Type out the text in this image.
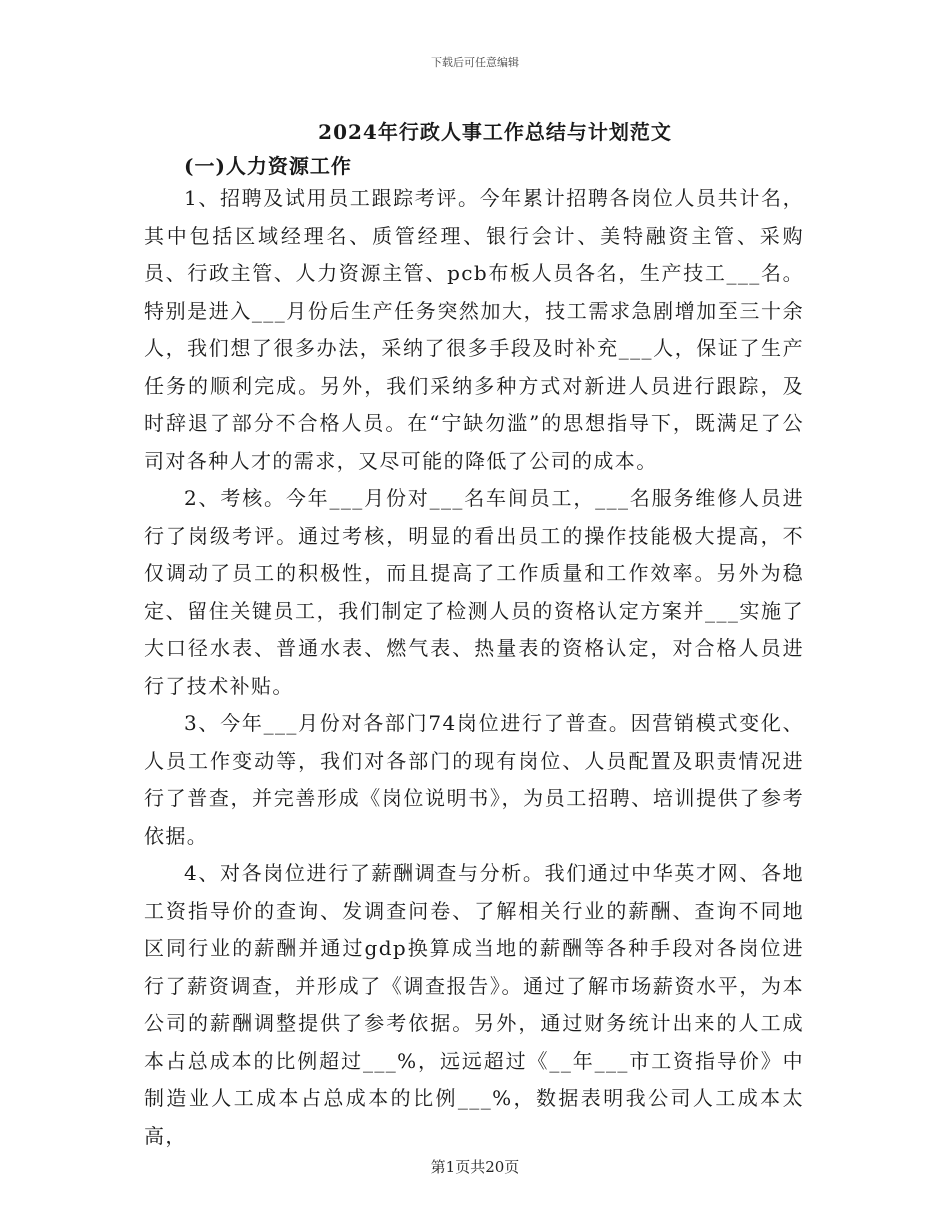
下载后可任意编辑
2024年行政人事工作总结与计划范文
(一)人力资源工作

1、招聘及试用员工跟踪考评。今年累计招聘各岗位人员共计名，其中包括区域经理名、质管经理、银行会计、美特融资主管、采购员、行政主管、人力资源主管、pcb布板人员各名，生产技工___名。特别是进入___月份后生产任务突然加大，技工需求急剧增加至三十余人，我们想了很多办法，采纳了很多手段及时补充___人，保证了生产任务的顺利完成。另外，我们采纳多种方式对新进人员进行跟踪，及时辞退了部分不合格人员。在“宁缺勿滥”的思想指导下，既满足了公司对各种人才的需求，又尽可能的降低了公司的成本。

2、考核。今年___月份对___名车间员工，___名服务维修人员进行了岗级考评。通过考核，明显的看出员工的操作技能极大提高，不仅调动了员工的积极性，而且提高了工作质量和工作效率。另外为稳定、留住关键员工，我们制定了检测人员的资格认定方案并___实施了大口径水表、普通水表、燃气表、热量表的资格认定，对合格人员进行了技术补贴。

3、今年___月份对各部门74岗位进行了普查。因营销模式变化、人员工作变动等，我们对各部门的现有岗位、人员配置及职责情况进行了普查，并完善形成《岗位说明书》，为员工招聘、培训提供了参考依据。

4、对各岗位进行了薪酬调查与分析。我们通过中华英才网、各地工资指导价的查询、发调查问卷、了解相关行业的薪酬、查询不同地区同行业的薪酬并通过gdp换算成当地的薪酬等各种手段对各岗位进行了薪资调查，并形成了《调查报告》。通过了解市场薪资水平，为本公司的薪酬调整提供了参考依据。另外，通过财务统计出来的人工成本占总成本的比例超过___%，远远超过《__年___市工资指导价》中制造业人工成本占总成本的比例___%，数据表明我公司人工成本太高，

第1页共20页
